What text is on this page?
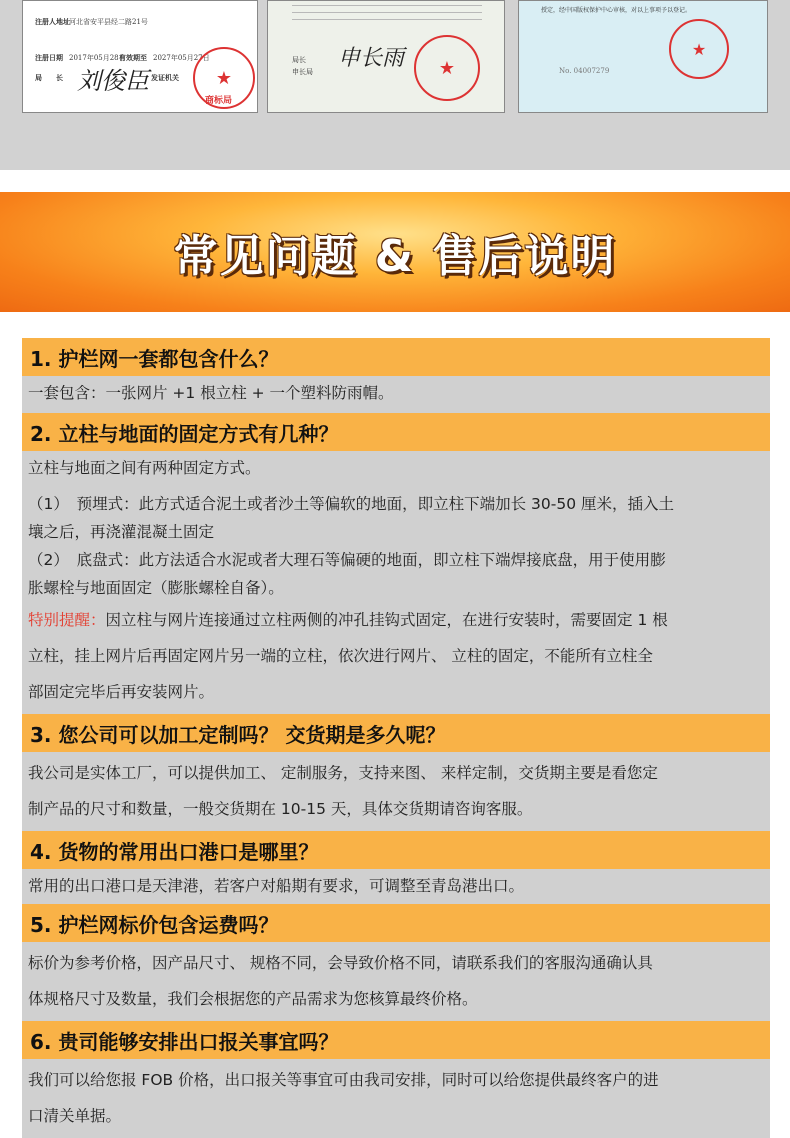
注册人地址 河北省安平县经二路21号
注册日期 2017年05月28日
有效期至 2027年05月27日
局　　长 刘俊臣 发证机关 ★
商标局
局长
申长局
申长雨 ★
授定，经中国版权保护中心审核，对以上事项予以登记。
★
No. 04007279
常见问题 & 售后说明
1. 护栏网一套都包含什么？

一套包含：一张网片 +1 根立柱 + 一个塑料防雨帽。

2. 立柱与地面的固定方式有几种？

立柱与地面之间有两种固定方式。

（1）　预埋式：此方式适合泥土或者沙土等偏软的地面，即立柱下端加长 30-50 厘米，插入土

壤之后，再浇灌混凝土固定

（2）　底盘式：此方法适合水泥或者大理石等偏硬的地面，即立柱下端焊接底盘，用于使用膨

胀螺栓与地面固定（膨胀螺栓自备）。

特别提醒：因立柱与网片连接通过立柱两侧的冲孔挂钩式固定，在进行安装时，需要固定 1 根

立柱，挂上网片后再固定网片另一端的立柱，依次进行网片、 立柱的固定，不能所有立柱全

部固定完毕后再安装网片。

3. 您公司可以加工定制吗？ 交货期是多久呢？

我公司是实体工厂，可以提供加工、 定制服务，支持来图、 来样定制，交货期主要是看您定

制产品的尺寸和数量，一般交货期在 10-15 天，具体交货期请咨询客服。

4. 货物的常用出口港口是哪里？

常用的出口港口是天津港，若客户对船期有要求，可调整至青岛港出口。

5. 护栏网标价包含运费吗？

标价为参考价格，因产品尺寸、 规格不同，会导致价格不同，请联系我们的客服沟通确认具

体规格尺寸及数量，我们会根据您的产品需求为您核算最终价格。

6. 贵司能够安排出口报关事宜吗？

我们可以给您报 FOB 价格，出口报关等事宜可由我司安排，同时可以给您提供最终客户的进

口清关单据。
